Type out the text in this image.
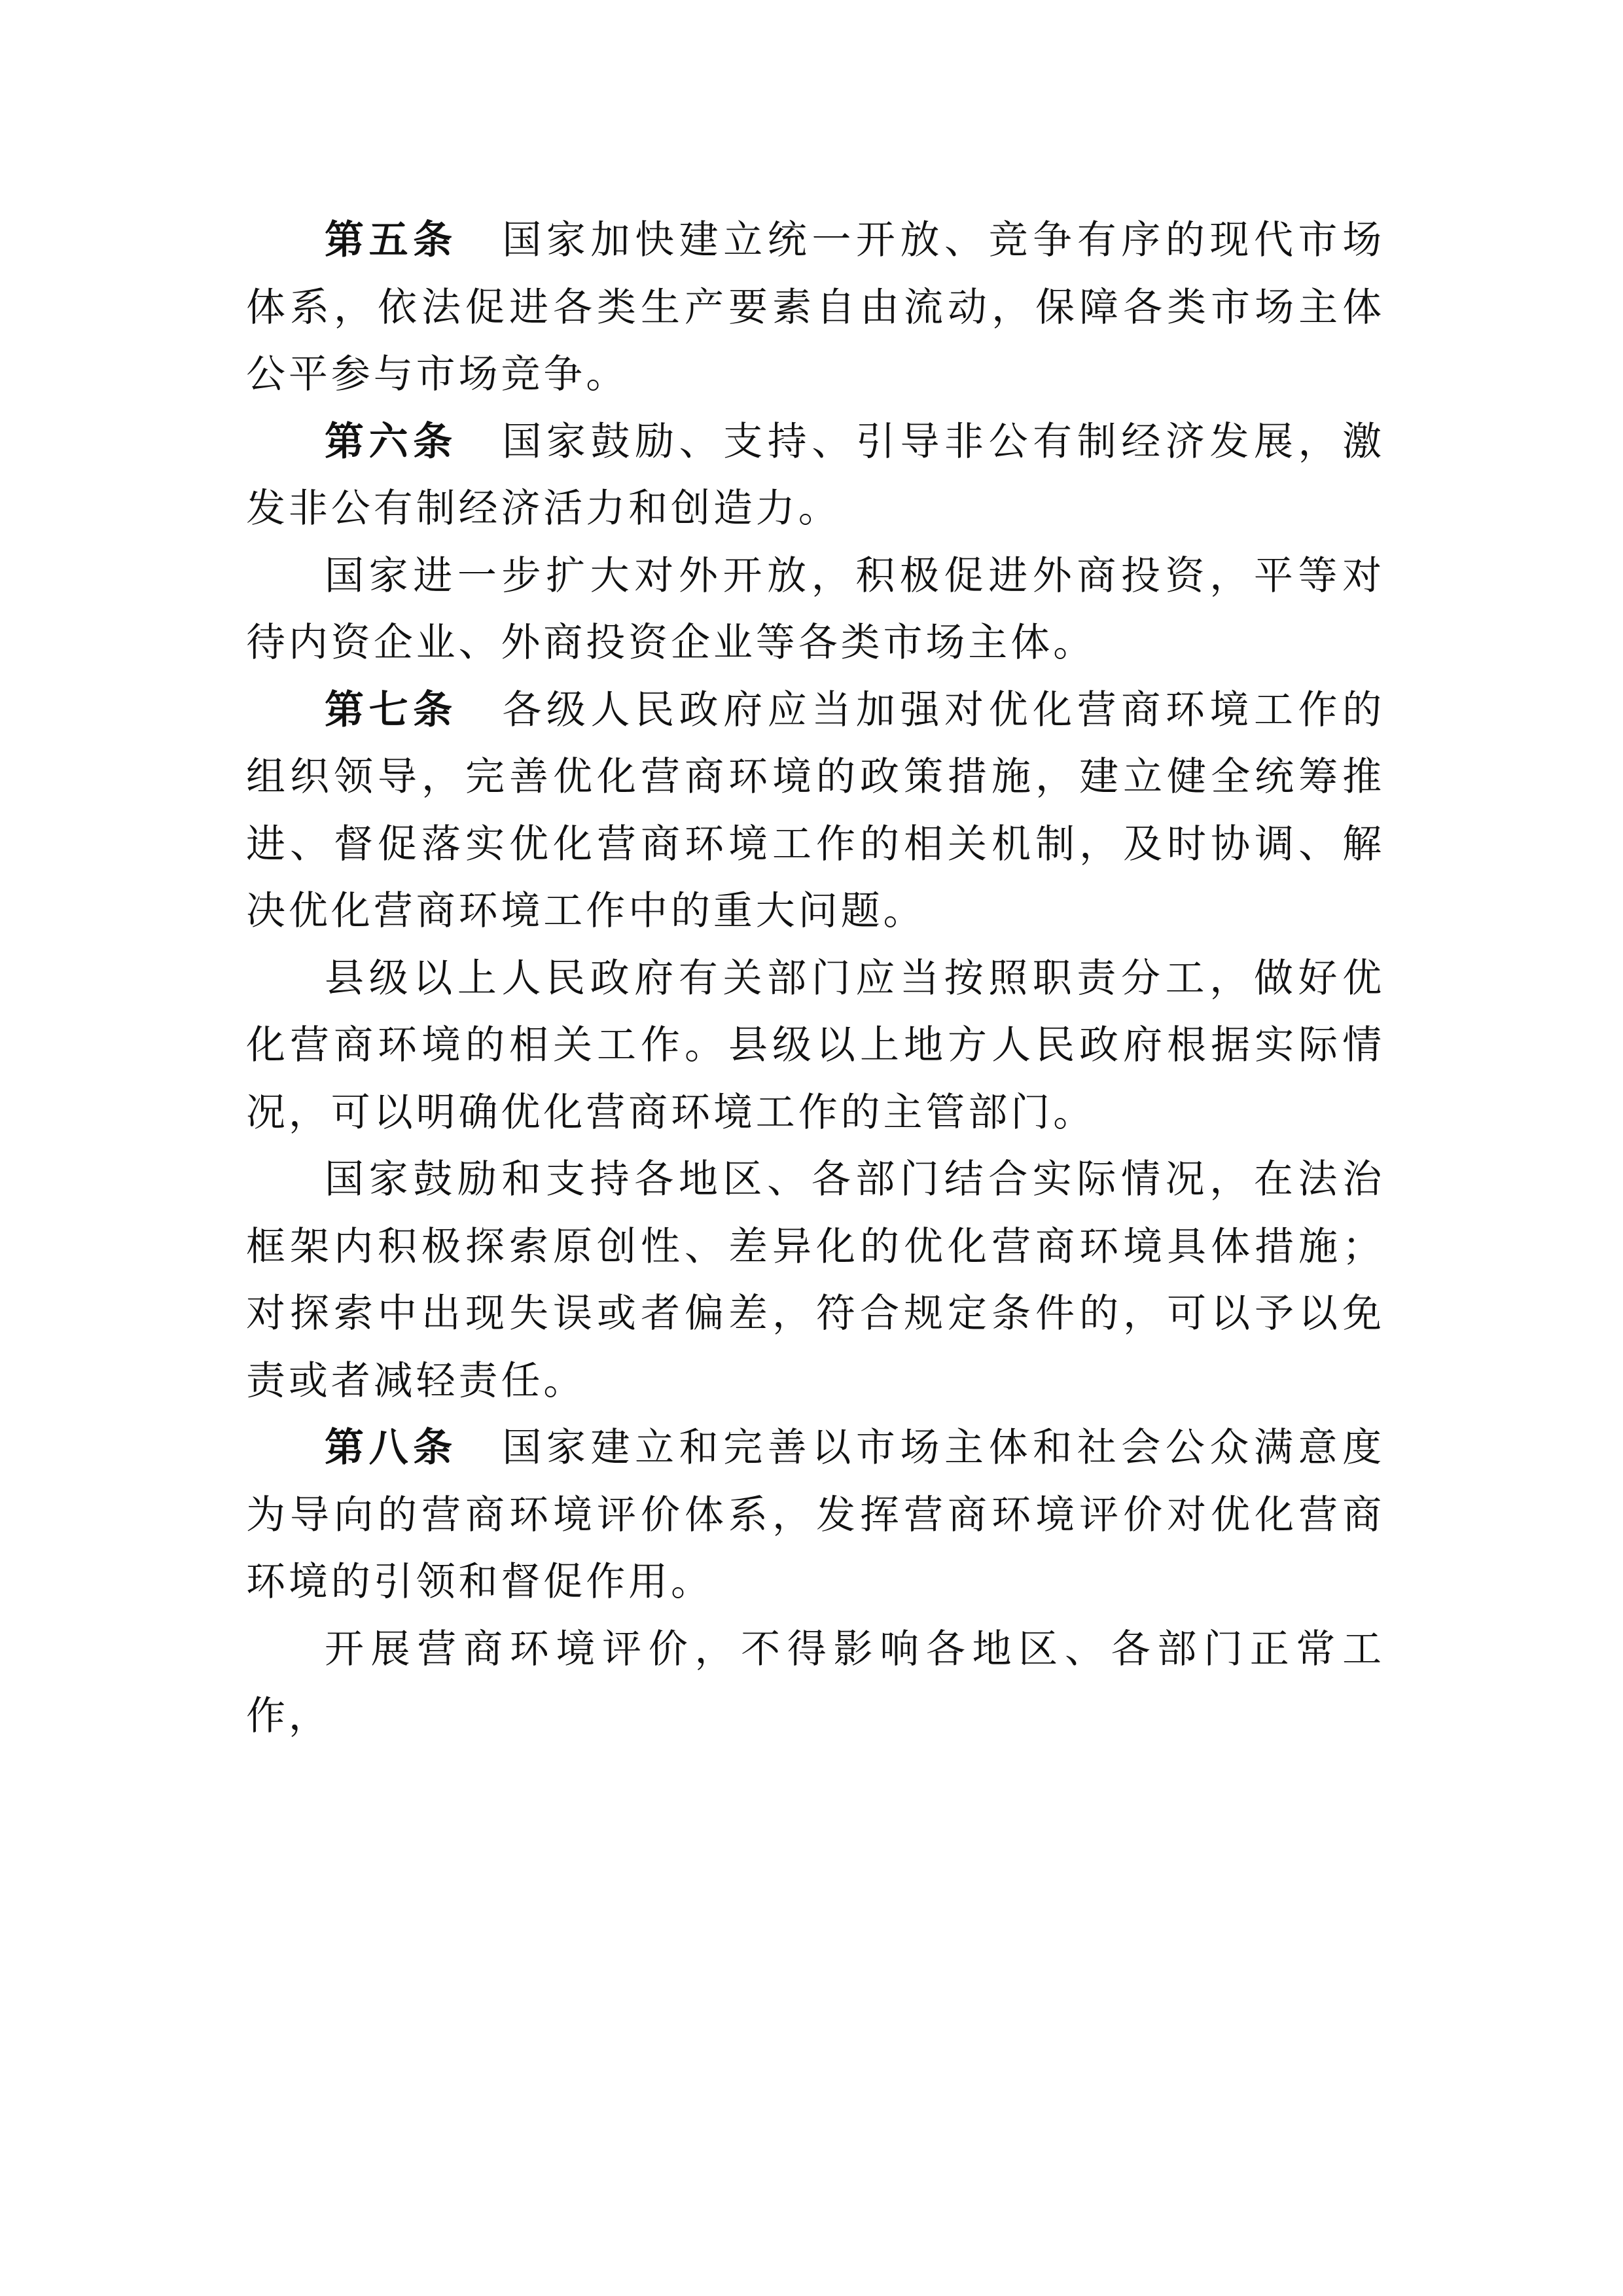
第五条 国家加快建立统一开放、竞争有序的现代市场体系，依法促进各类生产要素自由流动，保障各类市场主体公平参与市场竞争。

第六条 国家鼓励、支持、引导非公有制经济发展，激发非公有制经济活力和创造力。

国家进一步扩大对外开放，积极促进外商投资，平等对待内资企业、外商投资企业等各类市场主体。

第七条 各级人民政府应当加强对优化营商环境工作的组织领导，完善优化营商环境的政策措施，建立健全统筹推进、督促落实优化营商环境工作的相关机制，及时协调、解决优化营商环境工作中的重大问题。

县级以上人民政府有关部门应当按照职责分工，做好优化营商环境的相关工作。县级以上地方人民政府根据实际情况，可以明确优化营商环境工作的主管部门。

国家鼓励和支持各地区、各部门结合实际情况，在法治框架内积极探索原创性、差异化的优化营商环境具体措施；对探索中出现失误或者偏差，符合规定条件的，可以予以免责或者减轻责任。

第八条 国家建立和完善以市场主体和社会公众满意度为导向的营商环境评价体系，发挥营商环境评价对优化营商环境的引领和督促作用。

开展营商环境评价，不得影响各地区、各部门正常工作，
